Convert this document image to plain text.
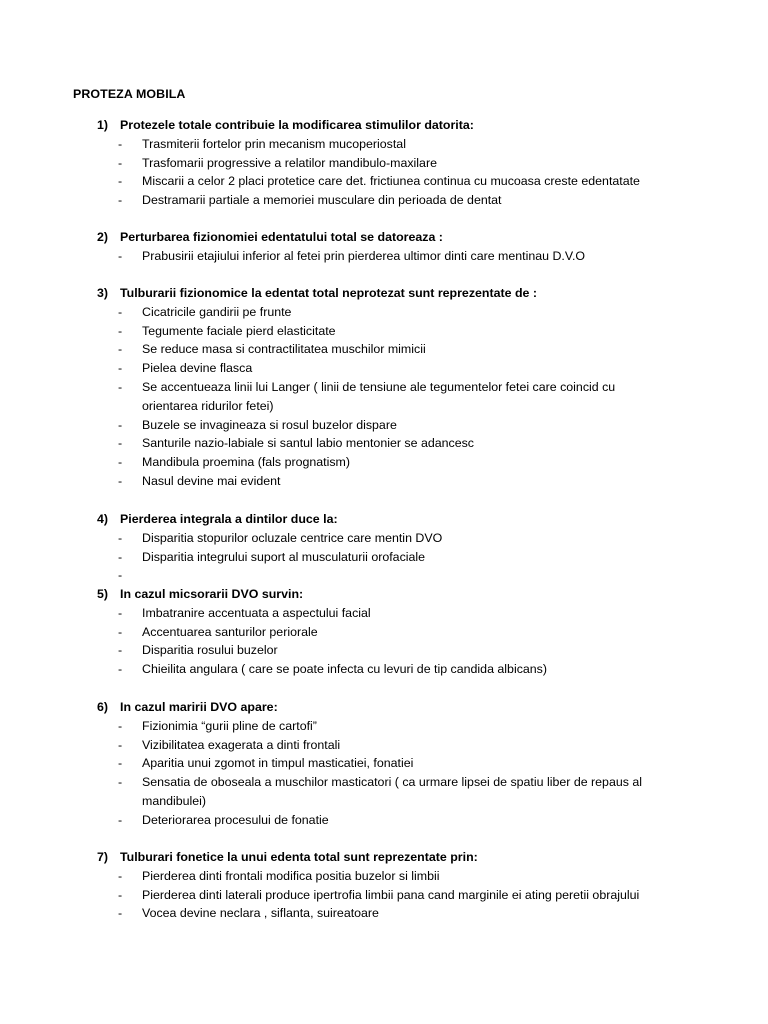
PROTEZA MOBILA
1) Protezele totale contribuie la modificarea stimulilor datorita:
- Trasmiterii fortelor prin mecanism mucoperiostal
- Trasfomarii progressive a relatilor mandibulo-maxilare
- Miscarii a celor 2 placi protetice care det. frictiunea continua cu mucoasa creste edentatate
- Destramarii partiale a memoriei musculare din perioada de dentat
2) Perturbarea fizionomiei edentatului total se datoreaza :
- Prabusirii etajiului inferior al fetei prin pierderea ultimor dinti care mentinau D.V.O
3) Tulburarii fizionomice la edentat total neprotezat sunt reprezentate de :
- Cicatricile gandirii pe frunte
- Tegumente faciale pierd elasticitate
- Se reduce masa si contractilitatea muschilor mimicii
- Pielea devine flasca
- Se accentueaza linii lui Langer ( linii de tensiune ale tegumentelor fetei care coincid cu orientarea ridurilor fetei)
- Buzele se invagineaza si rosul buzelor dispare
- Santurile nazio-labiale si santul labio mentonier se adancesc
- Mandibula proemina (fals prognatism)
- Nasul devine mai evident
4) Pierderea integrala a dintilor duce la:
- Disparitia stopurilor ocluzale centrice care mentin DVO
- Disparitia integrului suport al musculaturii orofaciale
-
5) In cazul micsorarii DVO survin:
- Imbatranire accentuata a aspectului facial
- Accentuarea santurilor periorale
- Disparitia rosului buzelor
- Chieilita angulara ( care se poate infecta cu levuri de tip candida albicans)
6) In cazul maririi DVO apare:
- Fizionimia “gurii pline de cartofi”
- Vizibilitatea exagerata a dinti frontali
- Aparitia unui zgomot in timpul masticatiei, fonatiei
- Sensatia de oboseala a muschilor masticatori ( ca urmare lipsei de spatiu liber de repaus al mandibulei)
- Deteriorarea procesului de fonatie
7) Tulburari fonetice la unui edenta total sunt reprezentate prin:
- Pierderea dinti frontali modifica positia buzelor si limbii
- Pierderea dinti laterali produce ipertrofia limbii pana cand marginile ei ating peretii obrajului
- Vocea devine neclara , siflanta, suireatoare
